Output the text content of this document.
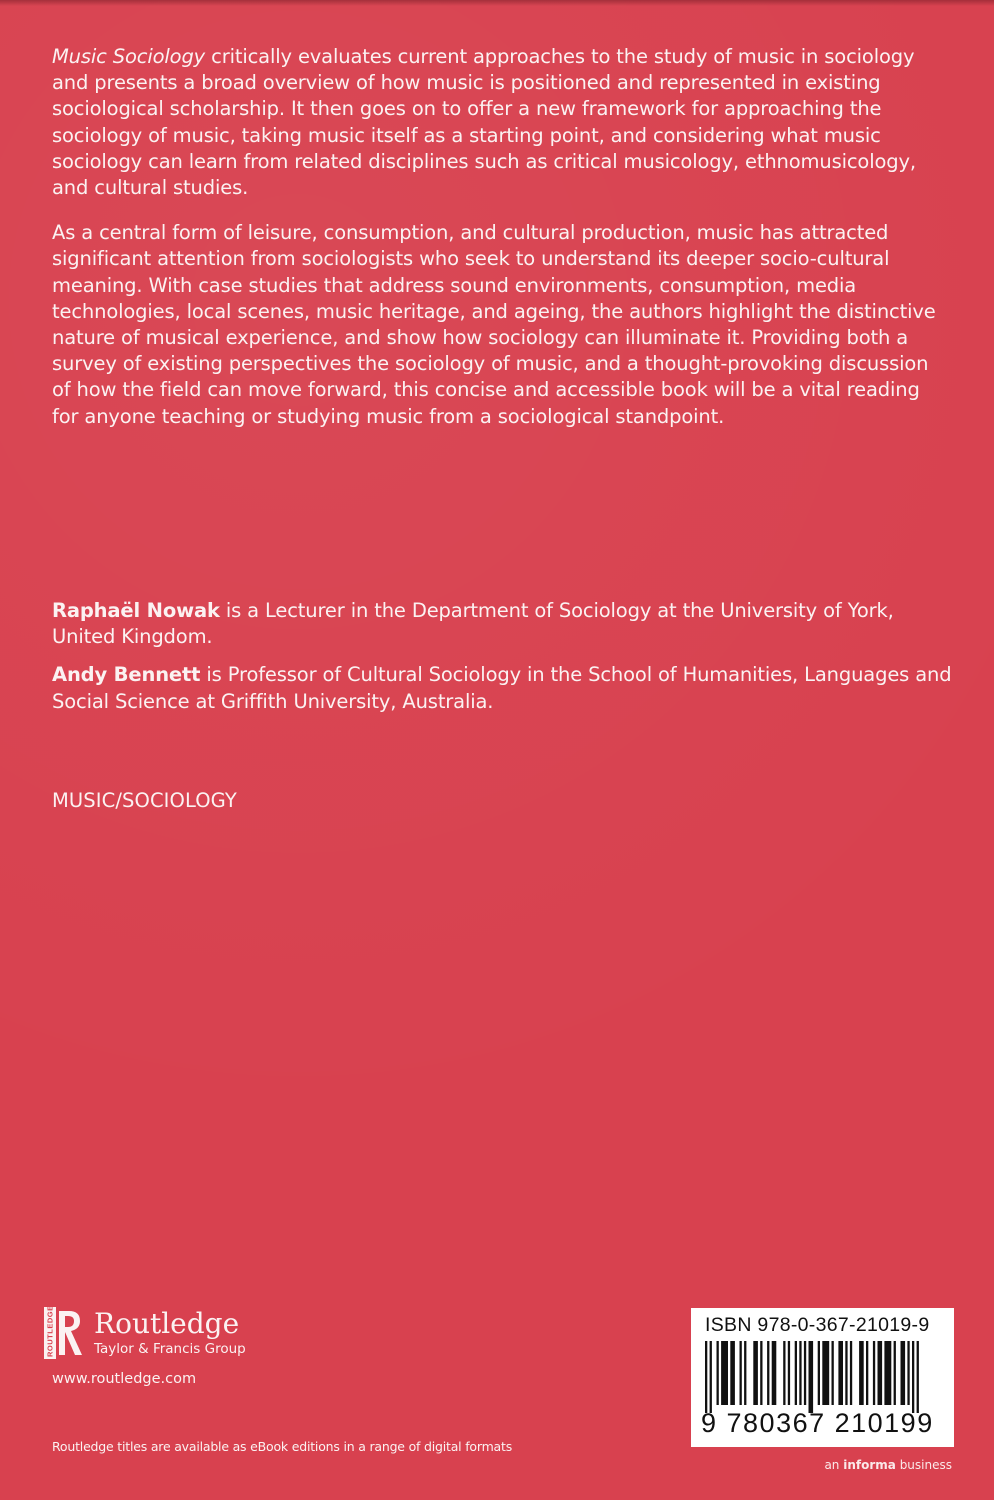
Music Sociology critically evaluates current approaches to the study of music in sociology and presents a broad overview of how music is positioned and represented in existing sociological scholarship. It then goes on to offer a new framework for approaching the sociology of music, taking music itself as a starting point, and considering what music sociology can learn from related disciplines such as critical musicology, ethnomusicology, and cultural studies.

As a central form of leisure, consumption, and cultural production, music has attracted significant attention from sociologists who seek to understand its deeper socio-cultural meaning. With case studies that address sound environments, consumption, media technologies, local scenes, music heritage, and ageing, the authors highlight the distinctive nature of musical experience, and show how sociology can illuminate it. Providing both a survey of existing perspectives the sociology of music, and a thought-provoking discussion of how the field can move forward, this concise and accessible book will be a vital reading for anyone teaching or studying music from a sociological standpoint.

Raphaël Nowak is a Lecturer in the Department of Sociology at the University of York, United Kingdom.

Andy Bennett is Professor of Cultural Sociology in the School of Humanities, Languages and Social Science at Griffith University, Australia.

MUSIC/SOCIOLOGY
ROUTLEDGE Routledge
Taylor & Francis Group
www.routledge.com
Routledge titles are available as eBook editions in a range of digital formats
ISBN 978-0-367-21019-9
9 780367 210199
an informa business
